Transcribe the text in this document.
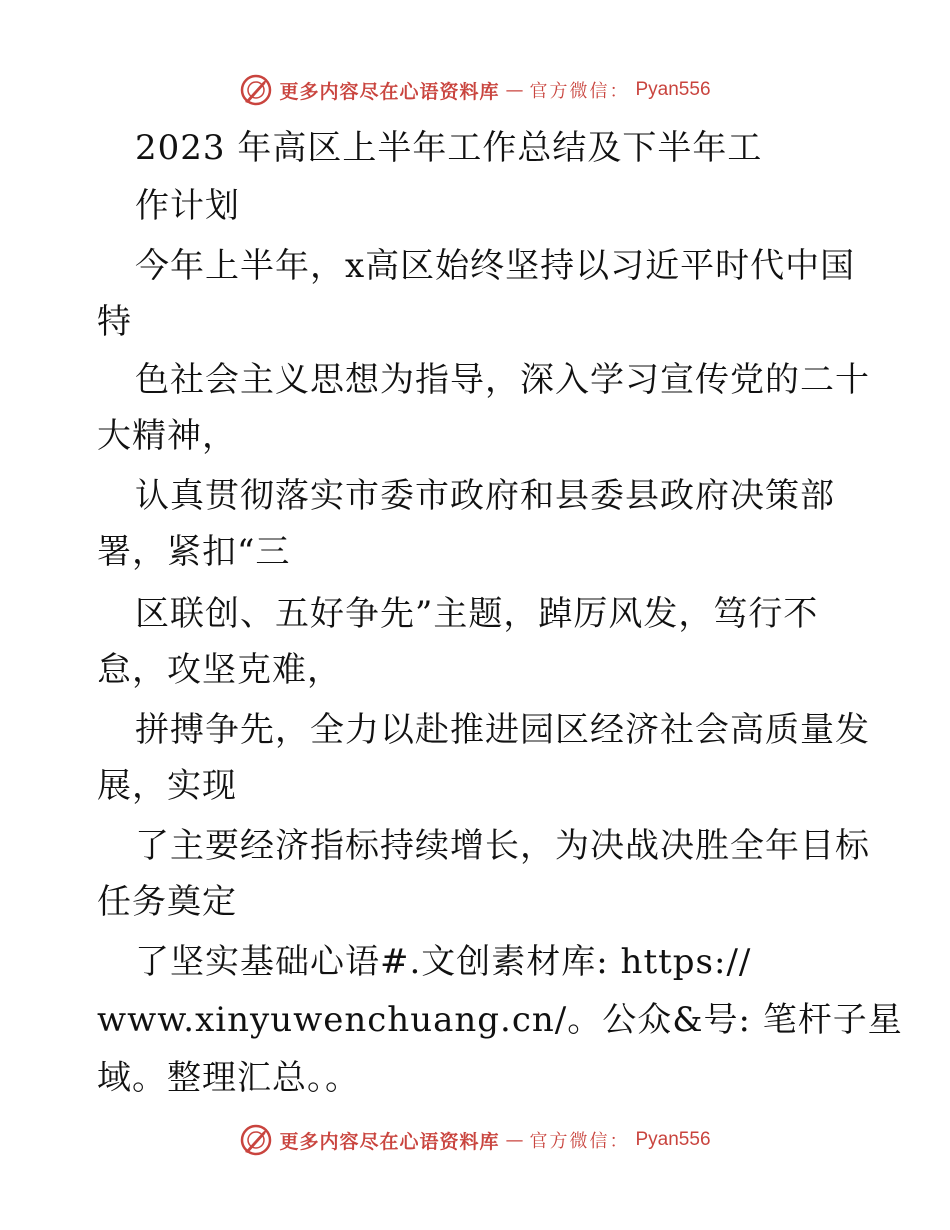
更多内容尽在心语资料库 — 官方微信： Pyan556
2023 年高区上半年工作总结及下半年工
作计划
今年上半年，x高区始终坚持以习近平时代中国
特
色社会主义思想为指导，深入学习宣传党的二十
大精神，
认真贯彻落实市委市政府和县委县政府决策部
署，紧扣“三
区联创、五好争先”主题，踔厉风发，笃行不
怠，攻坚克难，
拼搏争先，全力以赴推进园区经济社会高质量发
展，实现
了主要经济指标持续增长，为决战决胜全年目标
任务奠定
了坚实基础心语#.文创素材库: https://
www.xinyuwenchuang.cn/。公众&号: 笔杆子星
域。整理汇总。。
更多内容尽在心语资料库 — 官方微信： Pyan556
